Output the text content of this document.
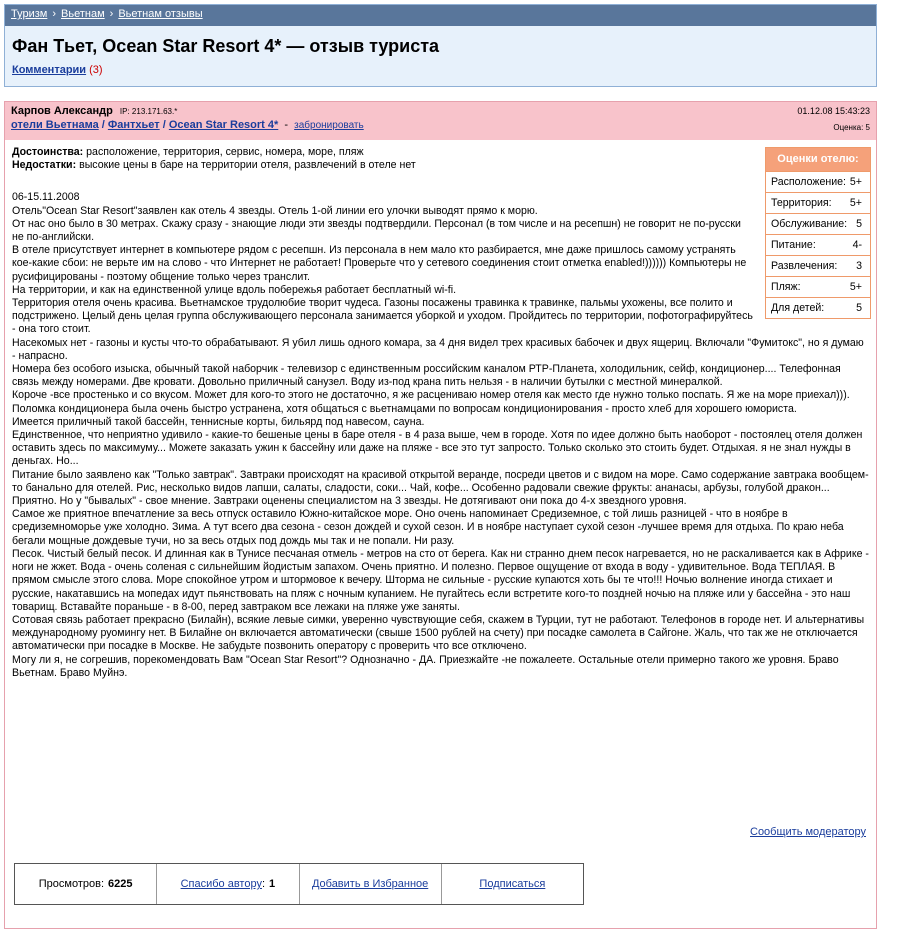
Туризм › Вьетнам › Вьетнам отзывы
Фан Тьет, Ocean Star Resort 4* — отзыв туриста
Комментарии (3)
Карпов Александр IP: 213.171.63.*
отели Вьетнама / Фантхьет / Ocean Star Resort 4*  - забронировать
01.12.08 15:43:23
Оценка: 5
Оценки отелю:
Расположение: 5+
Территория: 5+
Обслуживание: 5
Питание:	4-
Развлечения: 3
Пляж:	5+
Для детей:	5

Достоинства: расположение, территория, сервис, номера, море, пляж

Недостатки: высокие цены в баре на территории отеля, развлечений в отеле нет

06-15.11.2008

Отель"Ocean Star Resort"заявлен как отель 4 звезды. Отель 1-ой линии его улочки выводят прямо к морю.

От нас оно было в 30 метрах. Скажу сразу - знающие люди эти звезды подтвердили. Персонал (в том числе и на ресепшн) не говорит не по-русски не по-английски.

В отеле присутствует интернет в компьютере рядом с ресепшн. Из персонала в нем мало кто разбирается, мне даже пришлось самому устранять кое-какие сбои: не верьте им на слово - что Интернет не работает! Проверьте что у сетевого соединения стоит отметка enabled!)))))) Компьютеры не русифицированы - поэтому общение только через транслит.

На территории, и как на единственной улице вдоль побережья работает бесплатный wi-fi.

Территория отеля очень красива. Вьетнамское трудолюбие творит чудеса. Газоны посажены травинка к травинке, пальмы ухожены, все полито и подстрижено. Целый день целая группа обслуживающего персонала занимается уборкой и уходом. Пройдитесь по территории, пофотографируйтесь - она того стоит.

Насекомых нет - газоны и кусты что-то обрабатывают. Я убил лишь одного комара, за 4 дня видел трех красивых бабочек и двух ящериц. Включали "Фумитокс", но я думаю - напрасно.

Номера без особого изыска, обычный такой наборчик - телевизор с единственным российским каналом РТР-Планета, холодильник, сейф, кондиционер.... Телефонная связь между номерами. Две кровати. Довольно приличный санузел. Воду из-под крана пить нельзя - в наличии бутылки с местной минералкой.

Короче -все простенько и со вкусом. Может для кого-то этого не достаточно, я же расцениваю номер отеля как место где нужно только поспать. Я же на море приехал))).

Поломка кондиционера была очень быстро устранена, хотя общаться с вьетнамцами по вопросам кондиционирования - просто хлеб для хорошего юмориста.

Имеется приличный такой бассейн, теннисные корты, бильярд под навесом, сауна.

Единственное, что неприятно удивило - какие-то бешеные цены в баре отеля - в 4 раза выше, чем в городе. Хотя по идее должно быть наоборот - постоялец отеля должен оставить здесь по максимуму... Можете заказать ужин к бассейну или даже на пляже - все это тут запросто. Только сколько это стоить будет. Отдыхая. я не знал нужды в деньгах. Но...

Питание было заявлено как "Только завтрак". Завтраки происходят на красивой открытой веранде, посреди цветов и с видом на море. Само содержание завтрака вообщем-то банально для отелей. Рис, несколько видов лапши, салаты, сладости, соки... Чай, кофе... Особенно радовали свежие фрукты: ананасы, арбузы, голубой дракон... Приятно. Но у "бывалых" - свое мнение. Завтраки оценены специалистом на 3 звезды. Не дотягивают они пока до 4-х звездного уровня.

Самое же приятное впечатление за весь отпуск оставило Южно-китайское море. Оно очень напоминает Средиземное, с той лишь разницей - что в ноябре в средиземноморье уже холодно. Зима. А тут всего два сезона - сезон дождей и сухой сезон. И в ноябре наступает сухой сезон -лучшее время для отдыха. По краю неба бегали мощные дождевые тучи, но за весь отдых под дождь мы так и не попали. Ни разу.

Песок. Чистый белый песок. И длинная как в Тунисе песчаная отмель - метров на сто от берега. Как ни странно днем песок нагревается, но не раскаливается как в Африке - ноги не жжет. Вода - очень соленая с сильнейшим йодистым запахом. Очень приятно. И полезно. Первое ощущение от входа в воду - удивительное. Вода ТЕПЛАЯ. В прямом смысле этого слова. Море спокойное утром и штормовое к вечеру. Шторма не сильные - русские купаются хоть бы те что!!! Ночью волнение иногда стихает и русские, накатавшись на мопедах идут пьянствовать на пляж с ночным купанием. Не пугайтесь если встретите кого-то поздней ночью на пляже или у бассейна - это наш товарищ. Вставайте пораньше - в 8-00, перед завтраком все лежаки на пляже уже заняты.

Сотовая связь работает прекрасно (Билайн), всякие левые симки, уверенно чувствующие себя, скажем в Турции, тут не работают. Телефонов в городе нет. И альтернативы международному руомингу нет. В Билайне он включается автоматически (свыше 1500 рублей на счету) при посадке самолета в Сайгоне. Жаль, что так же не отключается автоматически при посадке в Москве. Не забудьте позвонить оператору с проверить что все отключено.

Могу ли я, не согрешив, порекомендовать Вам "Ocean Star Resort"? Однозначно - ДА. Приезжайте -не пожалеете. Остальные отели примерно такого же уровня. Браво Вьетнам. Браво Муйнэ.

Сообщить модератору
Просмотров: 6225	Спасибо автору : 1	Добавить в Избранное	Подписаться
